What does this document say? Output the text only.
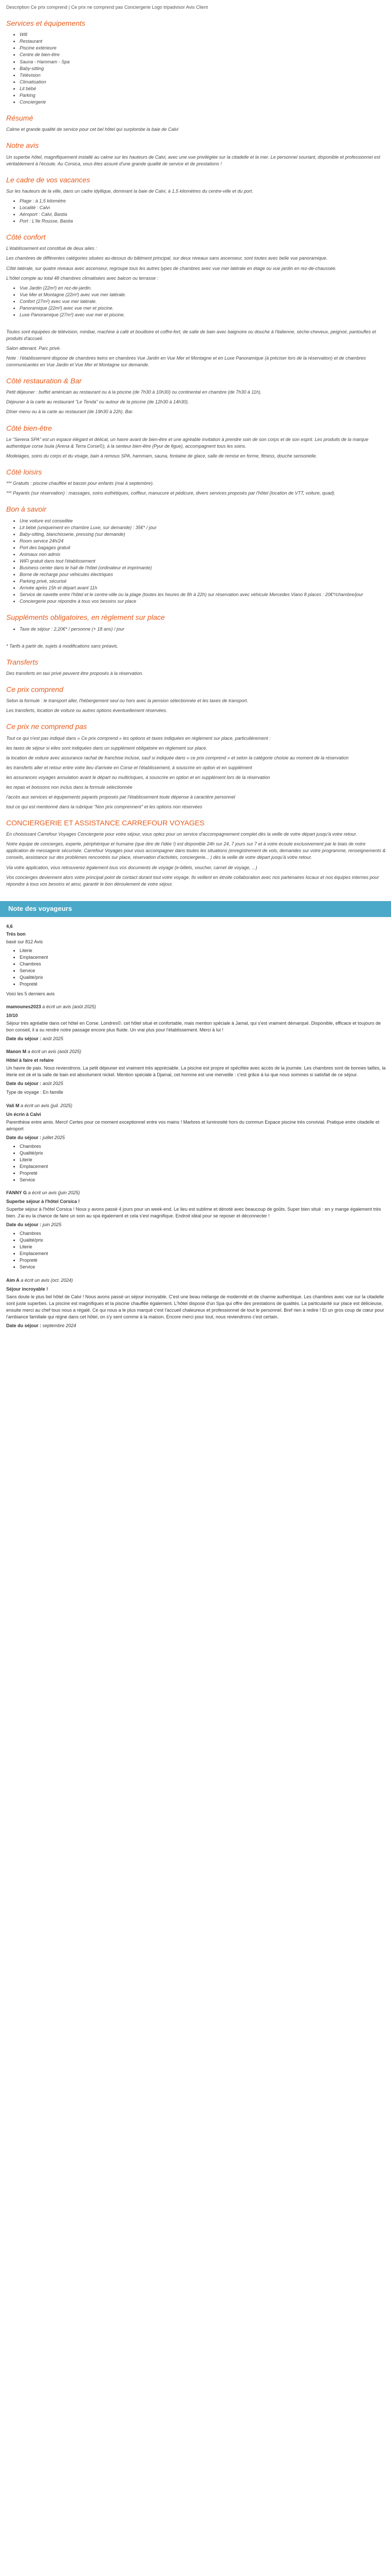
Description Ce prix comprend | Ce prix ne comprend pas Conciergerie Logo tripadvisor Avis Client
Services et équipements
• Wifi
• Restaurant
• Piscine extérieure
• Centre de bien-être
• Sauna - Hammam - Spa
• Baby-sitting
• Télévision
• Climatisation
• Lit bébé
• Parking
• Conciergerie
Résumé

Calme et grande qualité de service pour cet bel hôtel qui surplombe la baie de Calvi

Notre avis

Un superbe hôtel, magnifiquement installé au calme sur les hauteurs de Calvi, avec une vue privilégiée sur la citadelle et la mer. Le personnel souriant, disponible et professionnel est véritablement à l'écoute. Au Corsica, vous êtes assuré d'une grande qualité de service et de prestations !

Le cadre de vos vacances

Sur les hauteurs de la ville, dans un cadre idyllique, dominant la baie de Calvi, à 1,5 kilomètres du centre-ville et du port.

• Plage : à 1,5 kilomètre
• Localité : Calvi
• Aéroport : Calvi, Bastia
• Port : L'Ile Rousse, Bastia
Côté confort

L'établissement est constitué de deux ailes :

Les chambres de différentes catégories situées au-dessus du bâtiment principal, sur deux niveaux sans ascenseur, sont toutes avec belle vue panoramique.

Côté latérale, sur quatre niveaux avec ascenseur, regroupe tous les autres types de chambres avec vue mer latérale en étage ou vue jardin en rez-de-chaussée.

L'hôtel compte au total 48 chambres climatisées avec balcon ou terrasse :

• Vue Jardin (22m²) en rez-de-jardin.
• Vue Mer et Montagne (22m²) avec vue mer latérale.
• Confort (27m²) avec vue mer latérale.
• Panoramique (22m²) avec vue mer et piscine.
• Luxe Panoramique (27m²) avec vue mer et piscine.

Toutes sont équipées de télévision, minibar, machine à café et bouilloire et coffre-fort, de salle de bain avec baignoire ou douche à l'italienne, sèche-cheveux, peignoir, pantoufles et produits d'accueil.

Salon attenant. Parc privé.

Note : l'établissement dispose de chambres twins en chambres Vue Jardin en Vue Mer et Montagne et en Luxe Panoramique (à préciser lors de la réservation) et de chambres communicantes en Vue Jardin et Vue Mer et Montagne sur demande.

Côté restauration & Bar

Petit déjeuner : buffet américain au restaurant ou à la piscine (de 7h30 à 10h30) ou continental en chambre (de 7h30 à 11h).

Déjeuner à la carte au restaurant "Le Tenda" ou autour de la piscine (de 12h30 à 14h30).

Dîner menu ou à la carte au restaurant (de 19h30 à 22h). Bar.

Côté bien-être

Le "Serena SPA" est un espace élégant et délicat, un havre avant de bien-être et une agréable invitation à prendre soin de son corps et de son esprit. Les produits de la marque authentique corse Isula (Arena & Terra Corse©), à la senteur bien-être (Pyur de figue), accompagnent tous les soins.

Modelages, soins du corps et du visage, bain à remous SPA, hammam, sauna, fontaine de glace, salle de remise en forme, fitness, douche sensorielle.

Côté loisirs

*** Gratuits : piscine chauffée et bassin pour enfants (mai à septembre).

*** Payants (sur réservation) : massages, soins esthétiques, coiffeur, manucure et pédicure, divers services proposés par l'hôtel (location de VTT, voiture, quad).

Bon à savoir
• Une voiture est conseillée
• Lit bébé (uniquement en chambre Luxe, sur demande) : 35€* / jour
• Baby-sitting, blanchisserie, pressing (sur demande)
• Room service 24h/24
• Port des bagages gratuit
• Animaux non admis
• WiFi gratuit dans tout l'établissement
• Business center dans le hall de l'hôtel (ordinateur et imprimante)
• Borne de recharge pour véhicules électriques
• Parking privé, sécurisé
• Arrivée après 15h et départ avant 11h
• Service de navette entre l'hôtel et le centre-ville ou la plage (toutes les heures de 8h à 22h) sur réservation avec véhicule Mercedes Viano 8 places : 20€*/chambre/jour
• Conciergerie pour répondre à tous vos besoins sur place
Suppléments obligatoires, en règlement sur place
• Taxe de séjour : 2,20€* / personne (+ 18 ans) / jour

* Tarifs à partir de, sujets à modifications sans préavis.

Transferts

Des transferts en taxi privé peuvent être proposés à la réservation.

Ce prix comprend

Selon la formule : le transport aller, l'hébergement seul ou hors avec la pension sélectionnée et les taxes de transport.

Les transferts, location de voiture ou autres options éventuellement réservées.

Ce prix ne comprend pas

Tout ce qui n'est pas indiqué dans « Ce prix comprend » les options et taxes indiquées en règlement sur place, particulièrement :

les taxes de séjour si elles sont indiquées dans un supplément obligatoire en règlement sur place.

la location de voiture avec assurance rachat de franchise incluse, sauf si indiquée dans « ce prix comprend » et selon la catégorie choisie au moment de la réservation

les transferts aller et retour entre votre lieu d'arrivée en Corse et l'établissement, à souscrire en option et en supplément

les assurances voyages annulation avant le départ ou multirisques, à souscrire en option et en supplément lors de la réservation

les repas et boissons non inclus dans la formule sélectionnée

l'accès aux services et équipements payants proposés par l'établissement toute dépense à caractère personnel

tout ce qui est mentionné dans la rubrique "Non prix comprennent" et les options non réservées

CONCIERGERIE ET ASSISTANCE CARREFOUR VOYAGES

En choisissant Carrefour Voyages Conciergerie pour votre séjour, vous optez pour un service d'accompagnement complet dès la veille de votre départ jusqu'à votre retour.

Notre équipe de concierges, experte, périphérique et humaine (que dire de l'idée !) est disponible 24h sur 24, 7 jours sur 7 et à votre écoute exclusivement par le biais de notre application de messagerie sécurisée. Carrefour Voyages pour vous accompagner dans toutes les situations (enregistrement de vols, demandes sur votre programme, renseignements & conseils, assistance sur des problèmes rencontrés sur place, réservation d'activités, conciergerie... ) dès la veille de votre départ jusqu'à votre retour.

Via votre application, vous retrouverez également tous vos documents de voyage (e-billets, voucher, carnet de voyage, ...)

Vos concierges deviennent alors votre principal point de contact durant tout votre voyage. Ils veillent en étroite collaboration avec nos partenaires locaux et nos équipes internes pour répondre à tous vos besoins et ainsi, garantir le bon déroulement de votre séjour.

Note des voyageurs
4,6
Très bon
basé sur 812 Avis
• Literie
• Emplacement
• Chambres
• Service
• Qualité/prix
• Propreté
Voici les 5 derniers avis
mamounes2023 a écrit un avis (août 2025)
10/10
Séjour très agréable dans cet hôtel en Corse. Londres©. cet hôtel situé et confortable, mais mention spéciale à Jamal, qui s'est vraiment démarqué. Disponible, efficace et toujours de bon conseil, il a su rendre notre passage encore plus fluide. Un vrai plus pour l'établissement. Merci à lui !
Date du séjour : août 2025
Manon M a écrit un avis (août 2025)
Hôtel à faire et refaire
Un havre de paix. Nous reviendrons. La petit déjeuner est vraiment très appréciable. La piscine est propre et spécifiée avec accès de la journée. Les chambres sont de bonnes tailles, la literie est ok et la salle de bain est absolument nickel. Mention spéciale à Djamal, cet homme est une merveille : c'est grâce à lui que nous sommes si satisfait de ce séjour.
Date du séjour : août 2025
Type de voyage : En famille
Vali M a écrit un avis (juil. 2025)
Un écrin à Calvi
Parenthèse entre amis. Merci! Certes pour ce moment exceptionnel entre vos mains ! Marbres et luminosité hors du commun Espace piscine très convivial. Pratique entre citadelle et aéroport
Date du séjour : juillet 2025
• Chambres
• Qualité/prix
• Literie
• Emplacement
• Propreté
• Service
FANNY G a écrit un avis (juin 2025)
Superbe séjour à l'hôtel Corsica !
Superbe séjour à l'hôtel Corsica ! Nous y avons passé 4 jours pour un week-end. Le lieu est sublime et dénoté avec beaucoup de goûts. Super bien situé : en y mange également très bien. J'ai eu la chance de faire un soin au spa également et cela s'est magnifique. Endroit idéal pour se reposer et déconnecter !
Date du séjour : juin 2025
• Chambres
• Qualité/prix
• Literie
• Emplacement
• Propreté
• Service
Aim A a écrit un avis (oct. 2024)
Séjour incroyable !
Sans doute le plus bel hôtel de Calvi ! Nous avons passé un séjour incroyable. C'est une beau mélange de modernité et de charme authentique. Les chambres avec vue sur la citadelle sont juste superbes. La piscine est magnifiques et la piscine chauffée également. L'hôtel dispose d'un Spa qui offre des prestations de qualités. La particularité sur place est délicieuse, ensuite merci au chef tous nous a régalé. Ce qui nous a le plus marqué c'est l'accueil chaleureux et professionnel de tout le personnel. Bref rien à redire ! Et un gros coup de cœur pour l'ambiance familiale qui règne dans cet hôtel, on s'y sent comme à la maison. Encore merci pour tout, nous reviendrons c'est certain.
Date du séjour : septembre 2024
